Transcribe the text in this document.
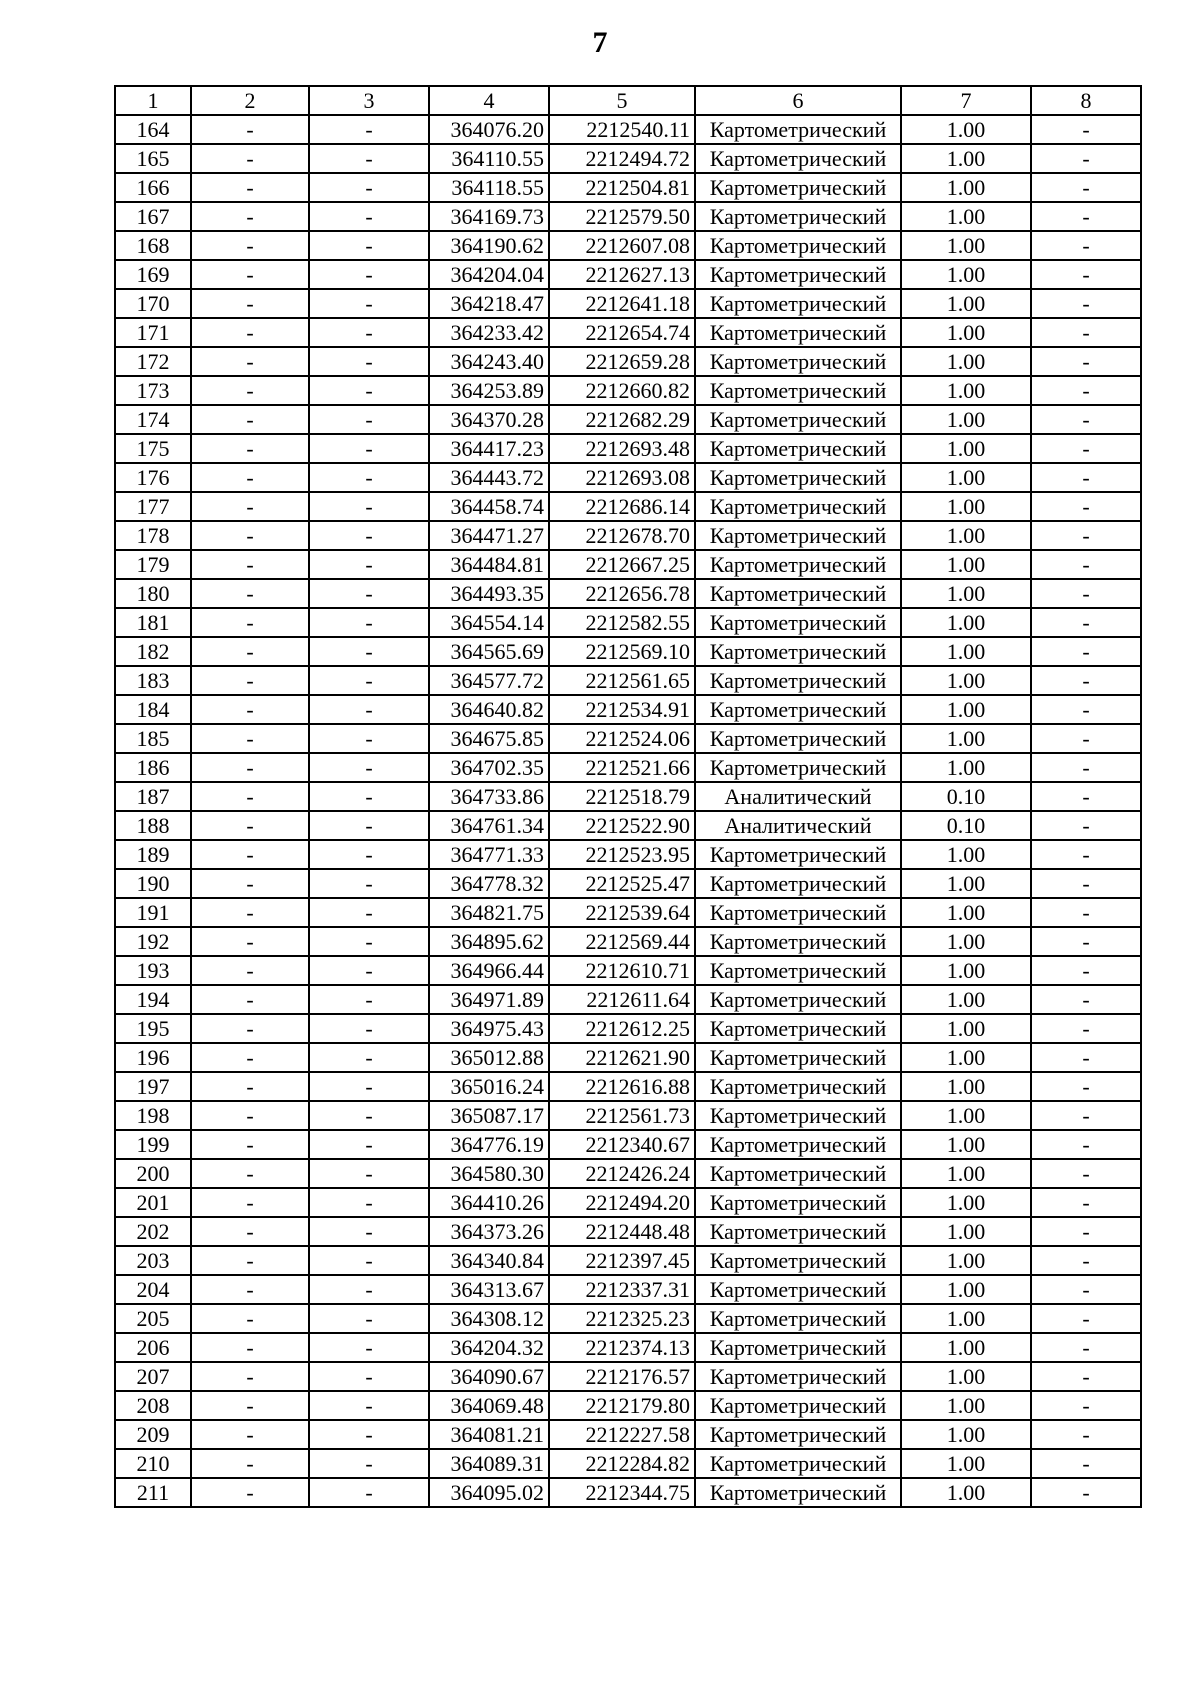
7
1	2	3	4	5	6	7	8
164	-	-	364076.20	2212540.11	Картометрический	1.00	-
165	-	-	364110.55	2212494.72	Картометрический	1.00	-
166	-	-	364118.55	2212504.81	Картометрический	1.00	-
167	-	-	364169.73	2212579.50	Картометрический	1.00	-
168	-	-	364190.62	2212607.08	Картометрический	1.00	-
169	-	-	364204.04	2212627.13	Картометрический	1.00	-
170	-	-	364218.47	2212641.18	Картометрический	1.00	-
171	-	-	364233.42	2212654.74	Картометрический	1.00	-
172	-	-	364243.40	2212659.28	Картометрический	1.00	-
173	-	-	364253.89	2212660.82	Картометрический	1.00	-
174	-	-	364370.28	2212682.29	Картометрический	1.00	-
175	-	-	364417.23	2212693.48	Картометрический	1.00	-
176	-	-	364443.72	2212693.08	Картометрический	1.00	-
177	-	-	364458.74	2212686.14	Картометрический	1.00	-
178	-	-	364471.27	2212678.70	Картометрический	1.00	-
179	-	-	364484.81	2212667.25	Картометрический	1.00	-
180	-	-	364493.35	2212656.78	Картометрический	1.00	-
181	-	-	364554.14	2212582.55	Картометрический	1.00	-
182	-	-	364565.69	2212569.10	Картометрический	1.00	-
183	-	-	364577.72	2212561.65	Картометрический	1.00	-
184	-	-	364640.82	2212534.91	Картометрический	1.00	-
185	-	-	364675.85	2212524.06	Картометрический	1.00	-
186	-	-	364702.35	2212521.66	Картометрический	1.00	-
187	-	-	364733.86	2212518.79	Аналитический	0.10	-
188	-	-	364761.34	2212522.90	Аналитический	0.10	-
189	-	-	364771.33	2212523.95	Картометрический	1.00	-
190	-	-	364778.32	2212525.47	Картометрический	1.00	-
191	-	-	364821.75	2212539.64	Картометрический	1.00	-
192	-	-	364895.62	2212569.44	Картометрический	1.00	-
193	-	-	364966.44	2212610.71	Картометрический	1.00	-
194	-	-	364971.89	2212611.64	Картометрический	1.00	-
195	-	-	364975.43	2212612.25	Картометрический	1.00	-
196	-	-	365012.88	2212621.90	Картометрический	1.00	-
197	-	-	365016.24	2212616.88	Картометрический	1.00	-
198	-	-	365087.17	2212561.73	Картометрический	1.00	-
199	-	-	364776.19	2212340.67	Картометрический	1.00	-
200	-	-	364580.30	2212426.24	Картометрический	1.00	-
201	-	-	364410.26	2212494.20	Картометрический	1.00	-
202	-	-	364373.26	2212448.48	Картометрический	1.00	-
203	-	-	364340.84	2212397.45	Картометрический	1.00	-
204	-	-	364313.67	2212337.31	Картометрический	1.00	-
205	-	-	364308.12	2212325.23	Картометрический	1.00	-
206	-	-	364204.32	2212374.13	Картометрический	1.00	-
207	-	-	364090.67	2212176.57	Картометрический	1.00	-
208	-	-	364069.48	2212179.80	Картометрический	1.00	-
209	-	-	364081.21	2212227.58	Картометрический	1.00	-
210	-	-	364089.31	2212284.82	Картометрический	1.00	-
211	-	-	364095.02	2212344.75	Картометрический	1.00	-
